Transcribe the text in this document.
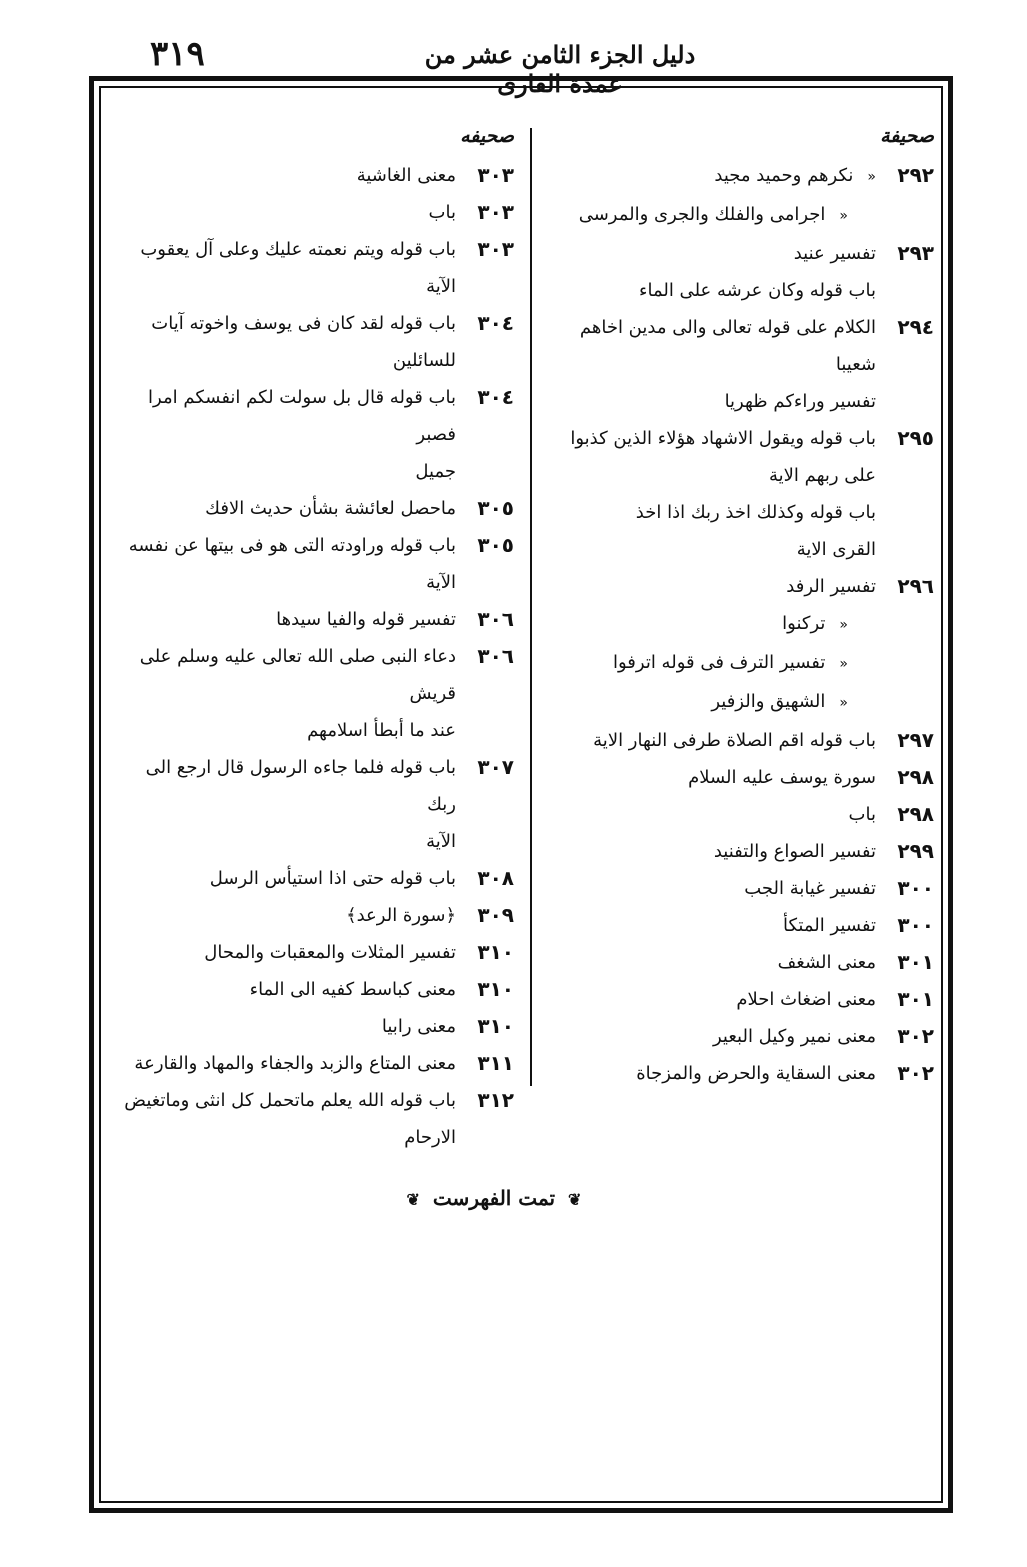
٣١٩	دليل الجزء الثامن عشر من عمدة القارى
صحيفة
٢٩٢
«نكرهم وحميد مجيد
«اجرامى والفلك والجرى والمرسى
٢٩٣
تفسير عنيد
باب قوله وكان عرشه على الماء
٢٩٤
الكلام على قوله تعالى والى مدين اخاهم شعيبا
تفسير وراءكم ظهريا
٢٩٥
باب قوله ويقول الاشهاد هؤلاء الذين كذبوا
على ربهم الاية
باب قوله وكذلك اخذ ربك اذا اخذ
القرى الاية
٢٩٦
تفسير الرفد
«تركنوا
«تفسير الترف فى قوله اترفوا
«الشهيق والزفير
٢٩٧
باب قوله اقم الصلاة طرفى النهار الاية
٢٩٨
سورة يوسف عليه السلام
٢٩٨
باب
٢٩٩
تفسير الصواع والتفنيد
٣٠٠
تفسير غيابة الجب
٣٠٠
تفسير المتكأ
٣٠١
معنى الشغف
٣٠١
معنى اضغاث احلام
٣٠٢
معنى نمير وكيل البعير
٣٠٢
معنى السقاية والحرض والمزجاة
صحيفه
٣٠٣
معنى الغاشية
٣٠٣
باب
٣٠٣
باب قوله ويتم نعمته عليك وعلى آل يعقوب
الآية
٣٠٤
باب قوله لقد كان فى يوسف واخوته آيات
للسائلين
٣٠٤
باب قوله قال بل سولت لكم انفسكم امرا فصبر
جميل
٣٠٥
ماحصل لعائشة بشأن حديث الافك
٣٠٥
باب قوله وراودته التى هو فى بيتها عن نفسه الآية
٣٠٦
تفسير قوله والفيا سيدها
٣٠٦
دعاء النبى صلى الله تعالى عليه وسلم على قريش
عند ما أبطأ اسلامهم
٣٠٧
باب قوله فلما جاءه الرسول قال ارجع الى ربك
الآية
٣٠٨
باب قوله حتى اذا استيأس الرسل
٣٠٩
﴿سورة الرعد﴾
٣١٠
تفسير المثلات والمعقبات والمحال
٣١٠
معنى كباسط كفيه الى الماء
٣١٠
معنى رابيا
٣١١
معنى المتاع والزبد والجفاء والمهاد والقارعة
٣١٢
باب قوله الله يعلم ماتحمل كل انثى وماتغيض
الارحام
❦ تمت الفهرست ❦
